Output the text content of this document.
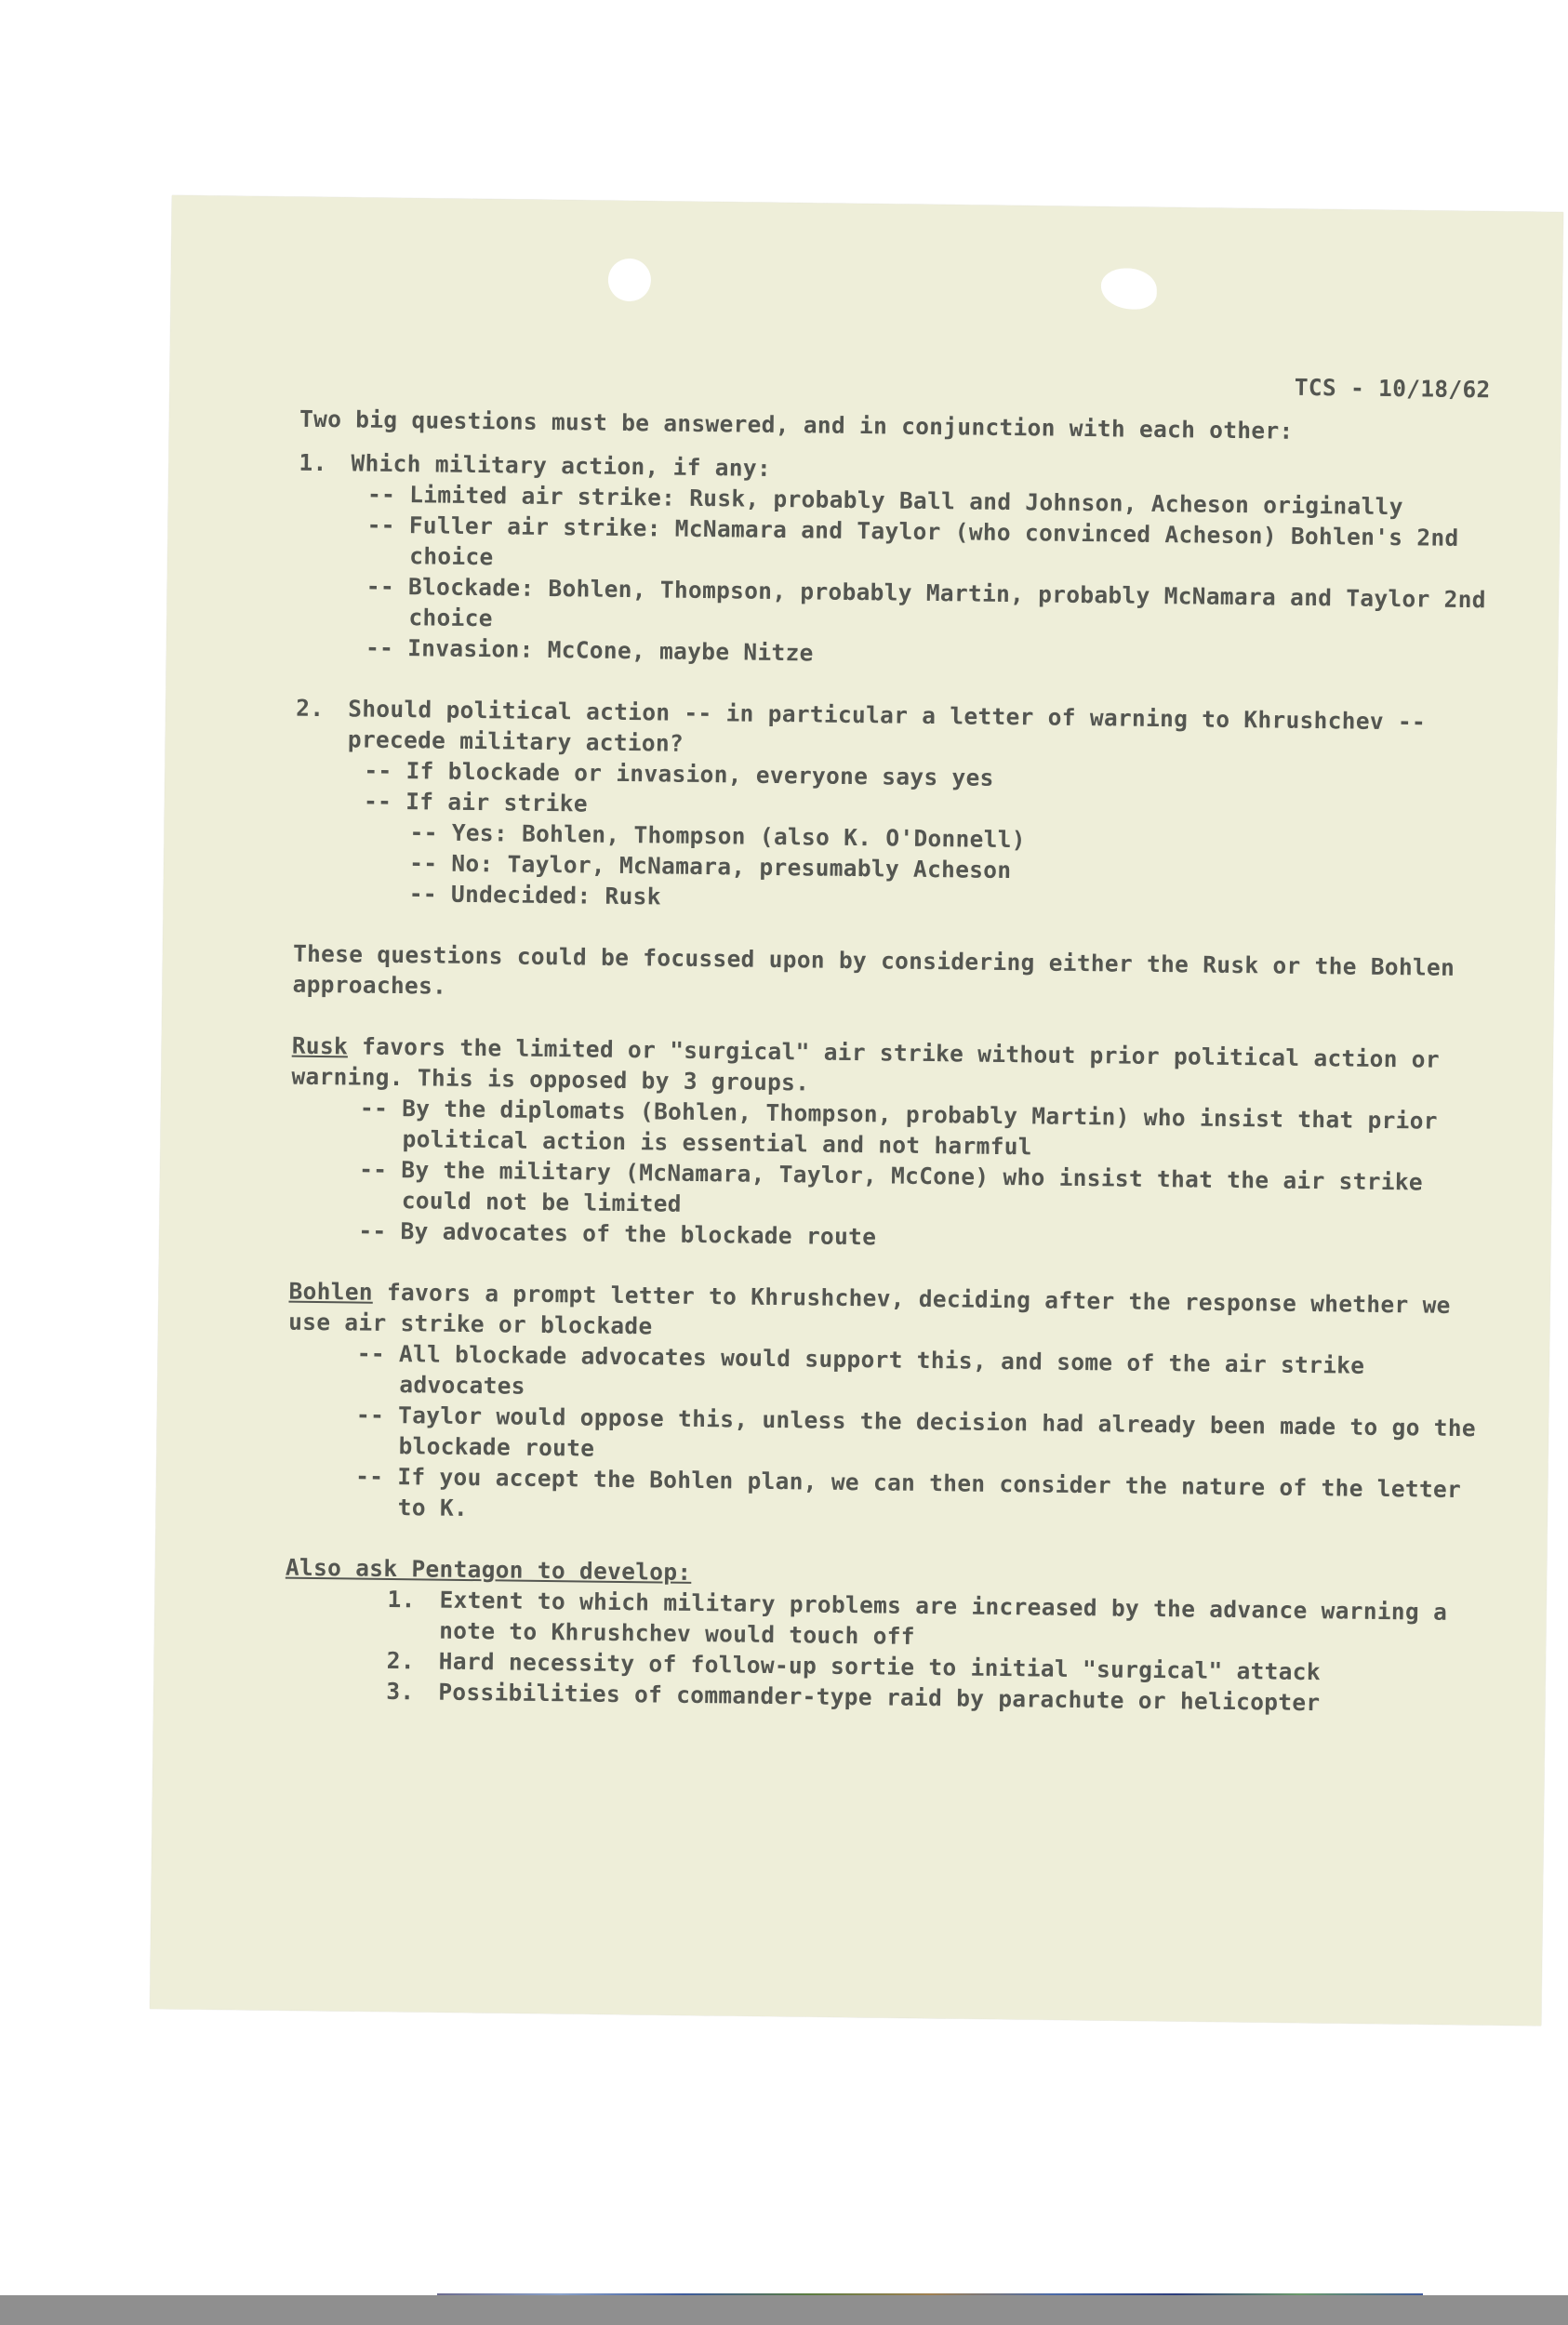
TCS - 10/18/62

Two big questions must be answered, and in conjunction with each other:

1.	Which military action, if any:

-- Limited air strike: Rusk, probably Ball and Johnson, Acheson originally

-- Fuller air strike: McNamara and Taylor (who convinced Acheson) Bohlen's 2nd choice

-- Blockade: Bohlen, Thompson, probably Martin, probably McNamara and Taylor 2nd choice

-- Invasion: McCone, maybe Nitze

2.	Should political action -- in particular a letter of warning to Khrushchev -- precede military action?

-- If blockade or invasion, everyone says yes

-- If air strike

-- Yes: Bohlen, Thompson (also K. O'Donnell)

-- No: Taylor, McNamara, presumably Acheson

-- Undecided: Rusk

These questions could be focussed upon by considering either the Rusk or the Bohlen approaches.

Rusk favors the limited or "surgical" air strike without prior political action or warning. This is opposed by 3 groups.

-- By the diplomats (Bohlen, Thompson, probably Martin) who insist that prior political action is essential and not harmful

-- By the military (McNamara, Taylor, McCone) who insist that the air strike could not be limited

-- By advocates of the blockade route

Bohlen favors a prompt letter to Khrushchev, deciding after the response whether we use air strike or blockade

-- All blockade advocates would support this, and some of the air strike advocates

-- Taylor would oppose this, unless the decision had already been made to go the blockade route

-- If you accept the Bohlen plan, we can then consider the nature of the letter to K.

Also ask Pentagon to develop:

1.	Extent to which military problems are increased by the advance warning a note to Khrushchev would touch off
2.	Hard necessity of follow-up sortie to initial "surgical" attack
3.	Possibilities of commander-type raid by parachute or helicopter
